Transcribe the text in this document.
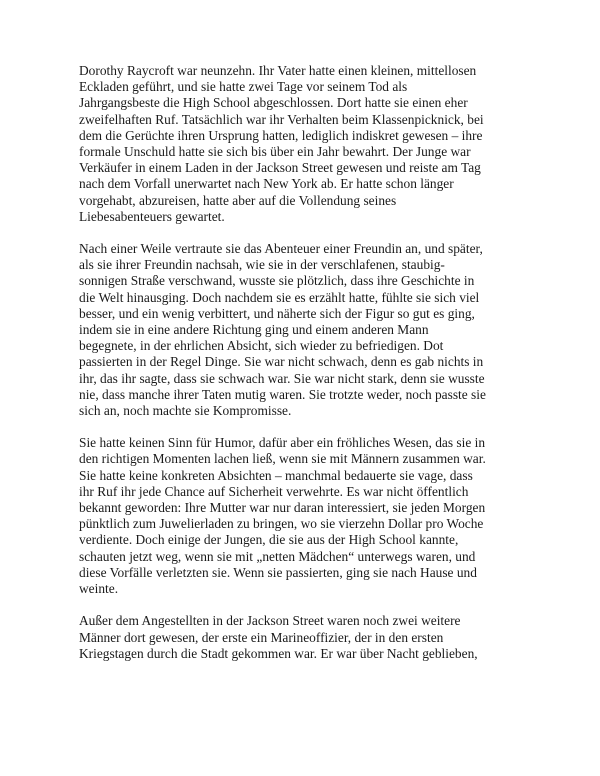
Dorothy Raycroft war neunzehn. Ihr Vater hatte einen kleinen, mittellosen
Eckladen geführt, und sie hatte zwei Tage vor seinem Tod als
Jahrgangsbeste die High School abgeschlossen. Dort hatte sie einen eher
zweifelhaften Ruf. Tatsächlich war ihr Verhalten beim Klassenpicknick, bei
dem die Gerüchte ihren Ursprung hatten, lediglich indiskret gewesen – ihre
formale Unschuld hatte sie sich bis über ein Jahr bewahrt. Der Junge war
Verkäufer in einem Laden in der Jackson Street gewesen und reiste am Tag
nach dem Vorfall unerwartet nach New York ab. Er hatte schon länger
vorgehabt, abzureisen, hatte aber auf die Vollendung seines
Liebesabenteuers gewartet.

Nach einer Weile vertraute sie das Abenteuer einer Freundin an, und später,
als sie ihrer Freundin nachsah, wie sie in der verschlafenen, staubig-
sonnigen Straße verschwand, wusste sie plötzlich, dass ihre Geschichte in
die Welt hinausging. Doch nachdem sie es erzählt hatte, fühlte sie sich viel
besser, und ein wenig verbittert, und näherte sich der Figur so gut es ging,
indem sie in eine andere Richtung ging und einem anderen Mann
begegnete, in der ehrlichen Absicht, sich wieder zu befriedigen. Dot
passierten in der Regel Dinge. Sie war nicht schwach, denn es gab nichts in
ihr, das ihr sagte, dass sie schwach war. Sie war nicht stark, denn sie wusste
nie, dass manche ihrer Taten mutig waren. Sie trotzte weder, noch passte sie
sich an, noch machte sie Kompromisse.

Sie hatte keinen Sinn für Humor, dafür aber ein fröhliches Wesen, das sie in
den richtigen Momenten lachen ließ, wenn sie mit Männern zusammen war.
Sie hatte keine konkreten Absichten – manchmal bedauerte sie vage, dass
ihr Ruf ihr jede Chance auf Sicherheit verwehrte. Es war nicht öffentlich
bekannt geworden: Ihre Mutter war nur daran interessiert, sie jeden Morgen
pünktlich zum Juwelierladen zu bringen, wo sie vierzehn Dollar pro Woche
verdiente. Doch einige der Jungen, die sie aus der High School kannte,
schauten jetzt weg, wenn sie mit „netten Mädchen“ unterwegs waren, und
diese Vorfälle verletzten sie. Wenn sie passierten, ging sie nach Hause und
weinte.

Außer dem Angestellten in der Jackson Street waren noch zwei weitere
Männer dort gewesen, der erste ein Marineoffizier, der in den ersten
Kriegstagen durch die Stadt gekommen war. Er war über Nacht geblieben,
